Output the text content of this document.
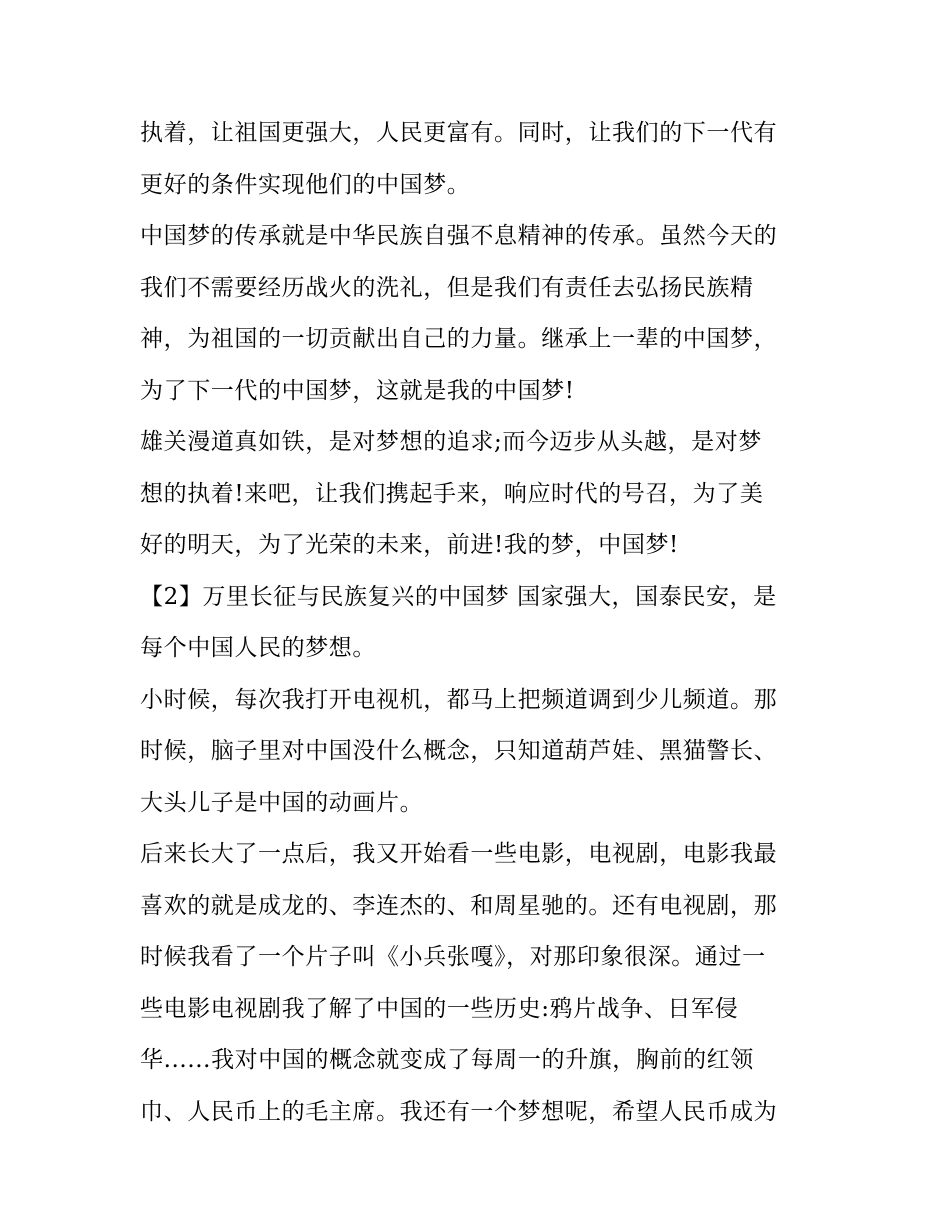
执着，让祖国更强大，人民更富有。同时，让我们的下一代有
更好的条件实现他们的中国梦。
中国梦的传承就是中华民族自强不息精神的传承。虽然今天的
我们不需要经历战火的洗礼，但是我们有责任去弘扬民族精
神，为祖国的一切贡献出自己的力量。继承上一辈的中国梦，
为了下一代的中国梦，这就是我的中国梦!
雄关漫道真如铁，是对梦想的追求;而今迈步从头越，是对梦
想的执着!来吧，让我们携起手来，响应时代的号召，为了美
好的明天，为了光荣的未来，前进!我的梦，中国梦!
【2】万里长征与民族复兴的中国梦 国家强大，国泰民安，是
每个中国人民的梦想。
小时候，每次我打开电视机，都马上把频道调到少儿频道。那
时候，脑子里对中国没什么概念，只知道葫芦娃、黑猫警长、
大头儿子是中国的动画片。
后来长大了一点后，我又开始看一些电影，电视剧，电影我最
喜欢的就是成龙的、李连杰的、和周星驰的。还有电视剧，那
时候我看了一个片子叫《小兵张嘎》，对那印象很深。通过一
些电影电视剧我了解了中国的一些历史:鸦片战争、日军侵
华......我对中国的概念就变成了每周一的升旗，胸前的红领
巾、人民币上的毛主席。我还有一个梦想呢，希望人民币成为
